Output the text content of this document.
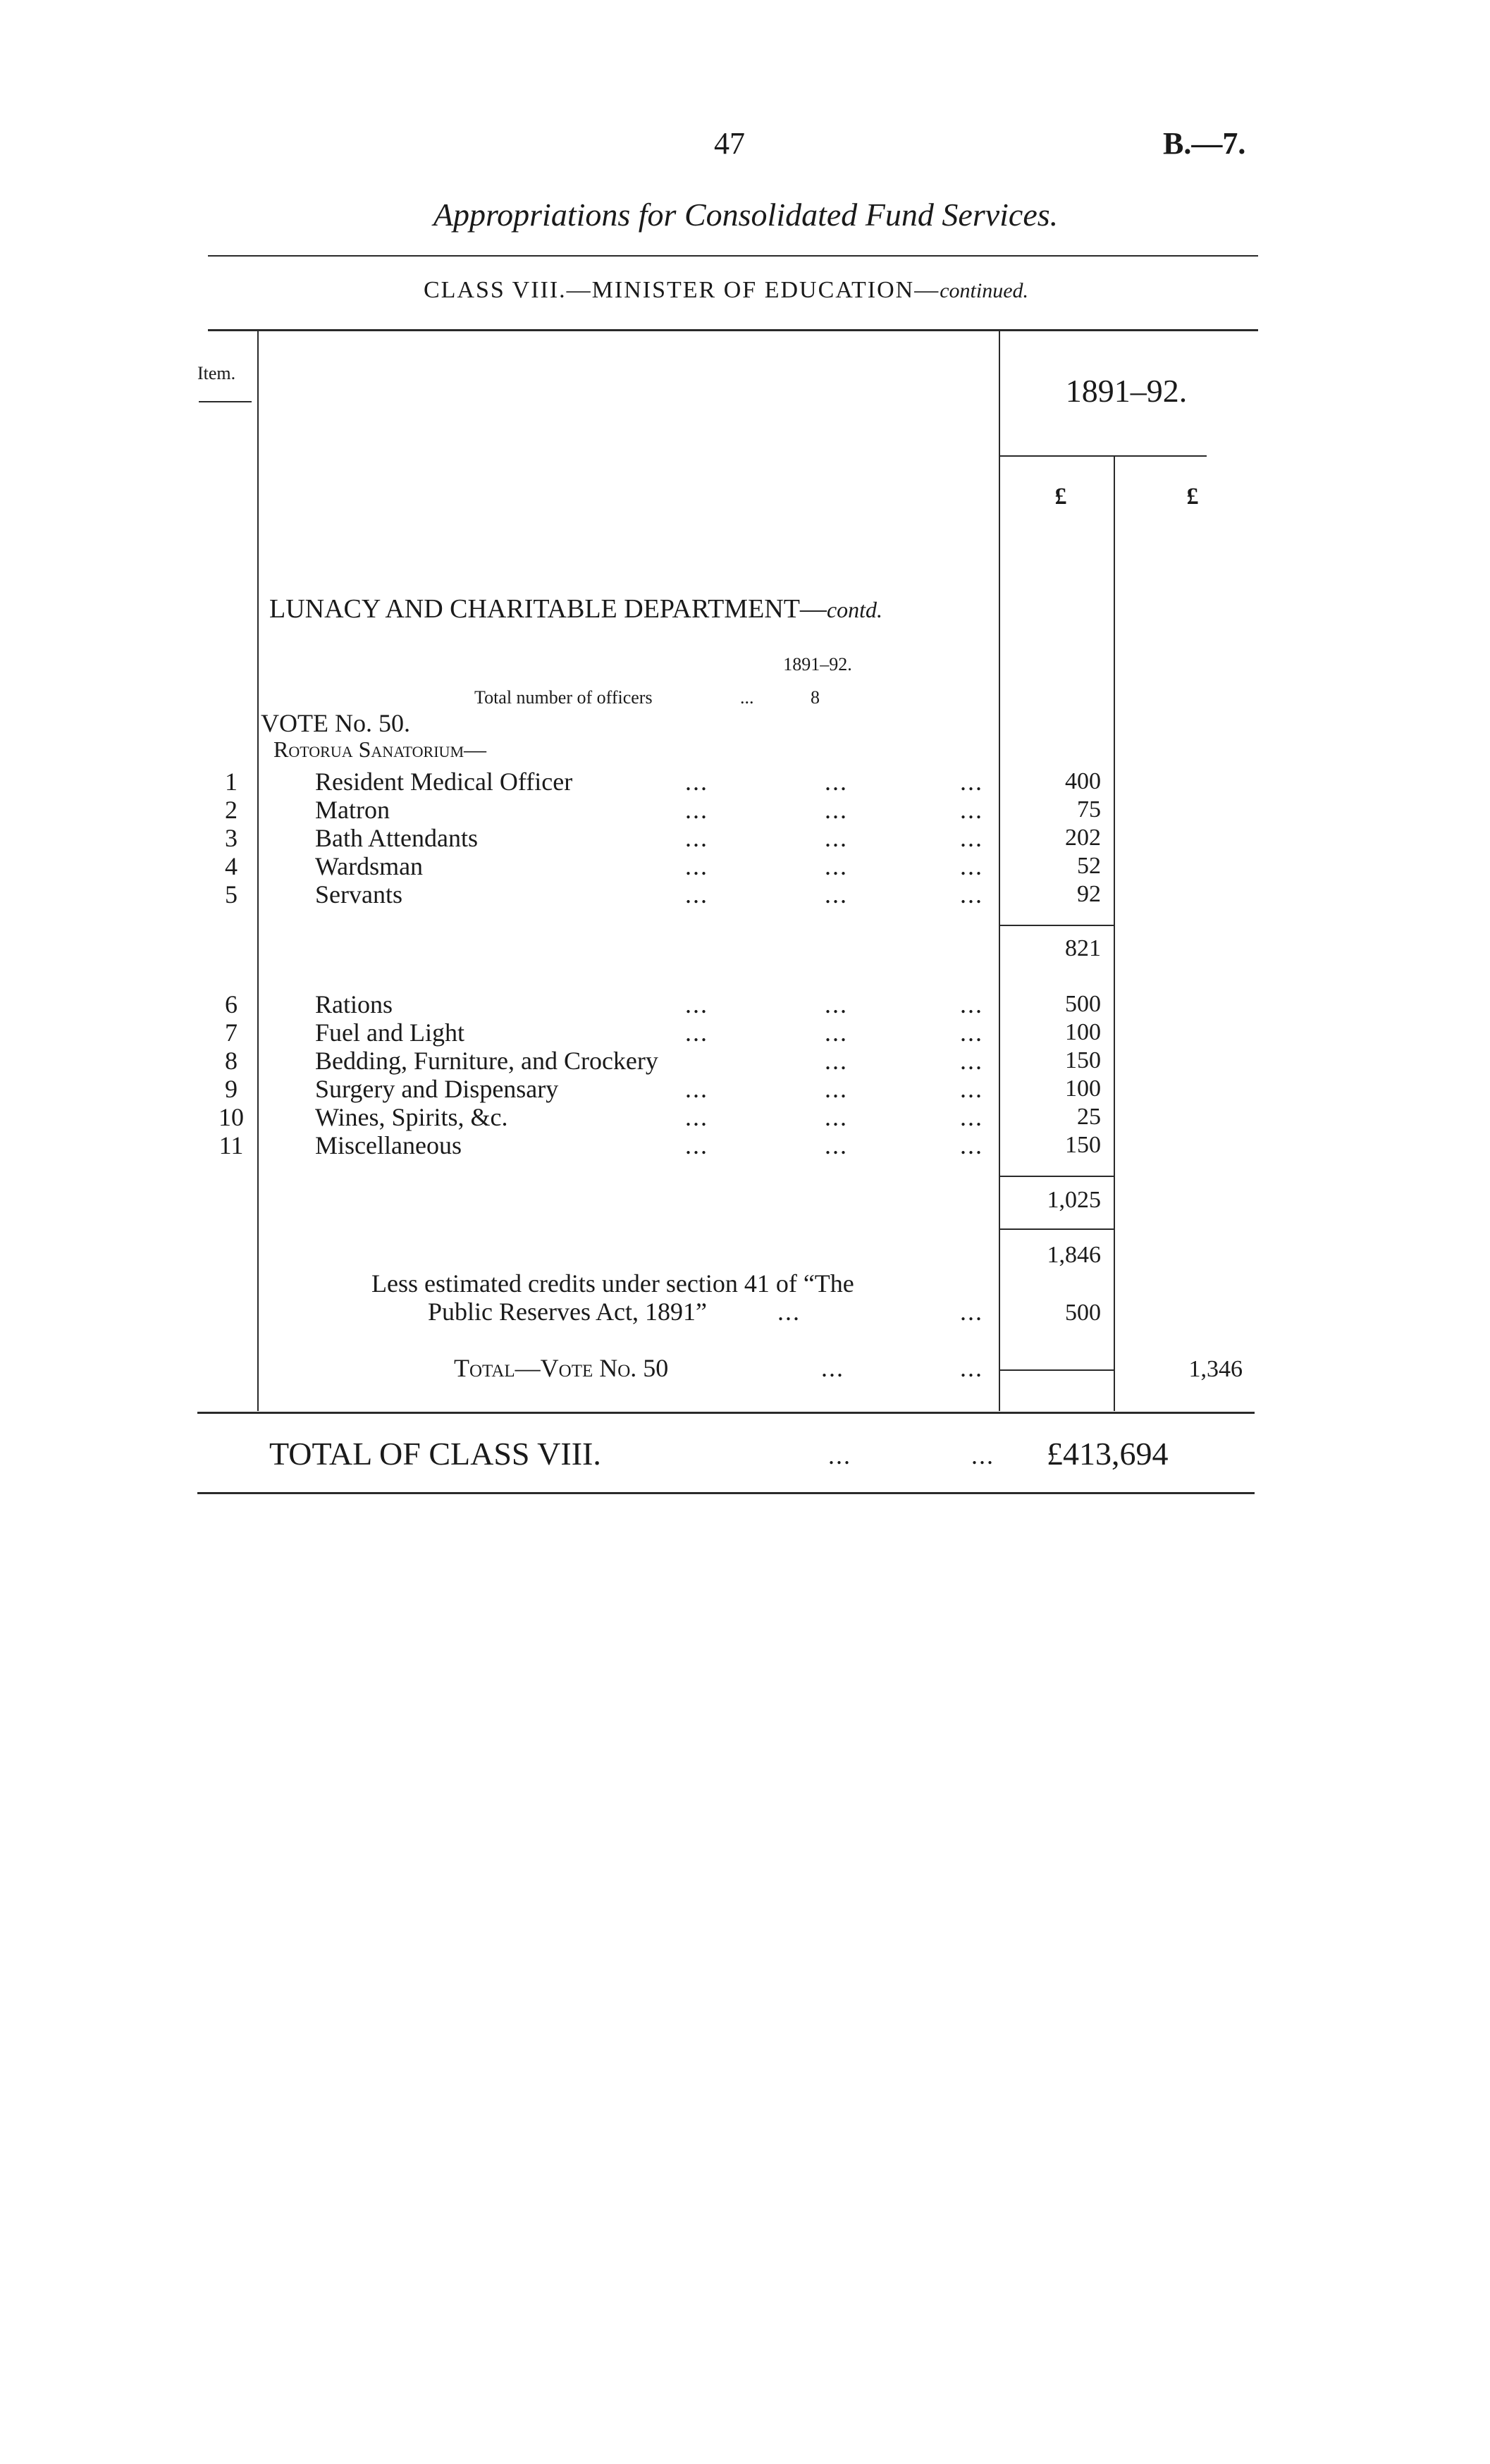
47	B.—7.
Appropriations for Consolidated Fund Services.
CLASS VIII.—MINISTER OF EDUCATION—continued.
Item.	1891–92.
£	£
LUNACY AND CHARITABLE DEPARTMENT—contd.
1891–92.
Total number of officers	...	8
VOTE No. 50.
Rotorua Sanatorium—
1	Resident Medical Officer	...	...	...	400
2	Matron	...	...	...	75
3	Bath Attendants	...	...	...	202
4	Wardsman	...	...	...	52
5	Servants	...	...	...	92
821
6	Rations	...	...	...	500
7	Fuel and Light	...	...	...	100
8	Bedding, Furniture, and Crockery	...	...	150
9	Surgery and Dispensary	...	...	...	100
10	Wines, Spirits, &c.	...	...	...	25
11	Miscellaneous	...	...	...	150
1,025
1,846
Less estimated credits under section 41 of “The
Public Reserves Act, 1891”	...	...	500
Total—Vote No. 50	...	...	1,346
TOTAL OF CLASS VIII.	...	... £413,694
